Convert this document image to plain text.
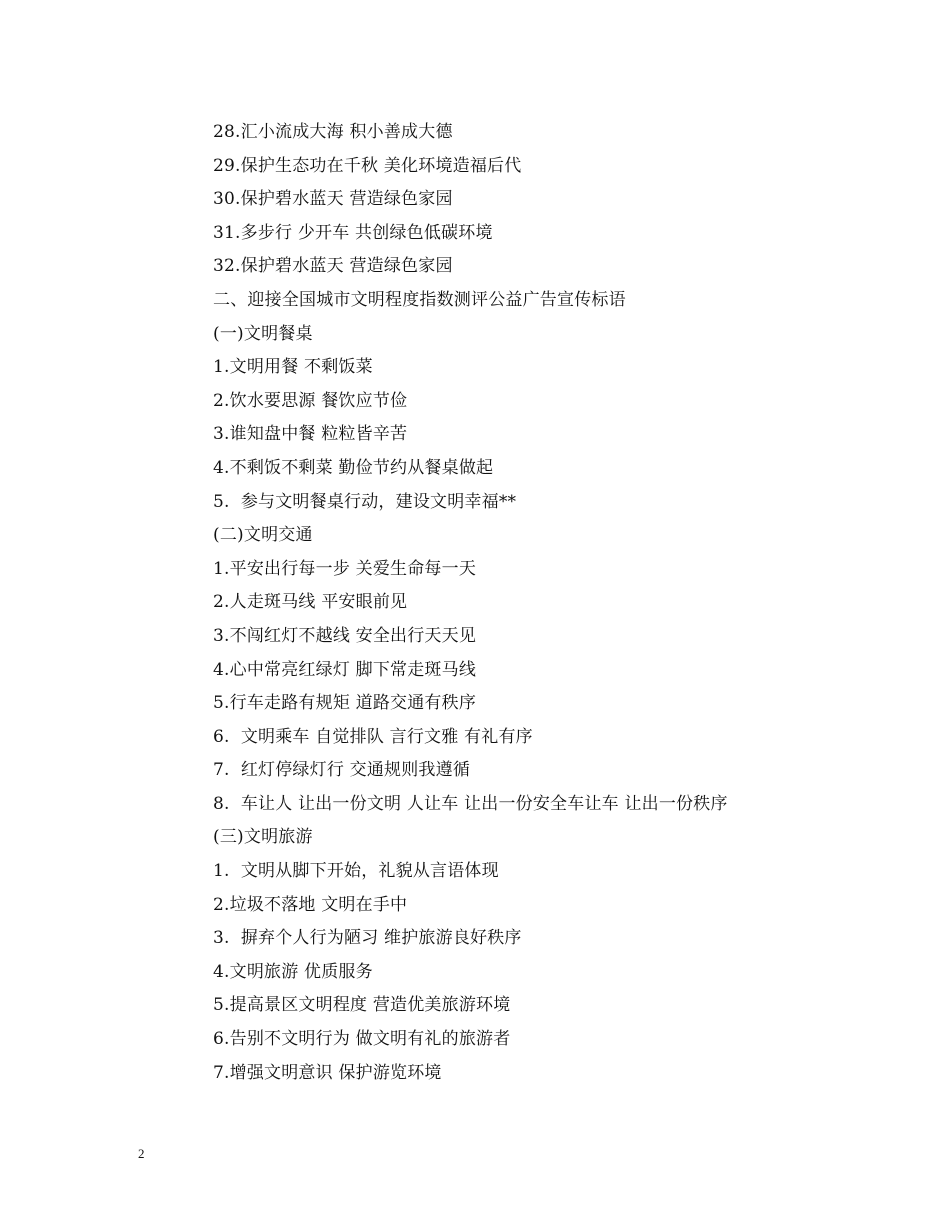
28.汇小流成大海 积小善成大德
29.保护生态功在千秋 美化环境造福后代
30.保护碧水蓝天 营造绿色家园
31.多步行 少开车 共创绿色低碳环境
32.保护碧水蓝天 营造绿色家园
二、迎接全国城市文明程度指数测评公益广告宣传标语
(一)文明餐桌
1.文明用餐 不剩饭菜
2.饮水要思源 餐饮应节俭
3.谁知盘中餐 粒粒皆辛苦
4.不剩饭不剩菜 勤俭节约从餐桌做起
5.  参与文明餐桌行动，建设文明幸福**
(二)文明交通
1.平安出行每一步 关爱生命每一天
2.人走斑马线 平安眼前见
3.不闯红灯不越线 安全出行天天见
4.心中常亮红绿灯 脚下常走斑马线
5.行车走路有规矩 道路交通有秩序
6.  文明乘车 自觉排队 言行文雅 有礼有序
7.  红灯停绿灯行 交通规则我遵循
8.  车让人 让出一份文明 人让车 让出一份安全车让车 让出一份秩序
(三)文明旅游
1.  文明从脚下开始，礼貌从言语体现
2.垃圾不落地 文明在手中
3.  摒弃个人行为陋习 维护旅游良好秩序
4.文明旅游 优质服务
5.提高景区文明程度 营造优美旅游环境
6.告别不文明行为 做文明有礼的旅游者
7.增强文明意识 保护游览环境
2
